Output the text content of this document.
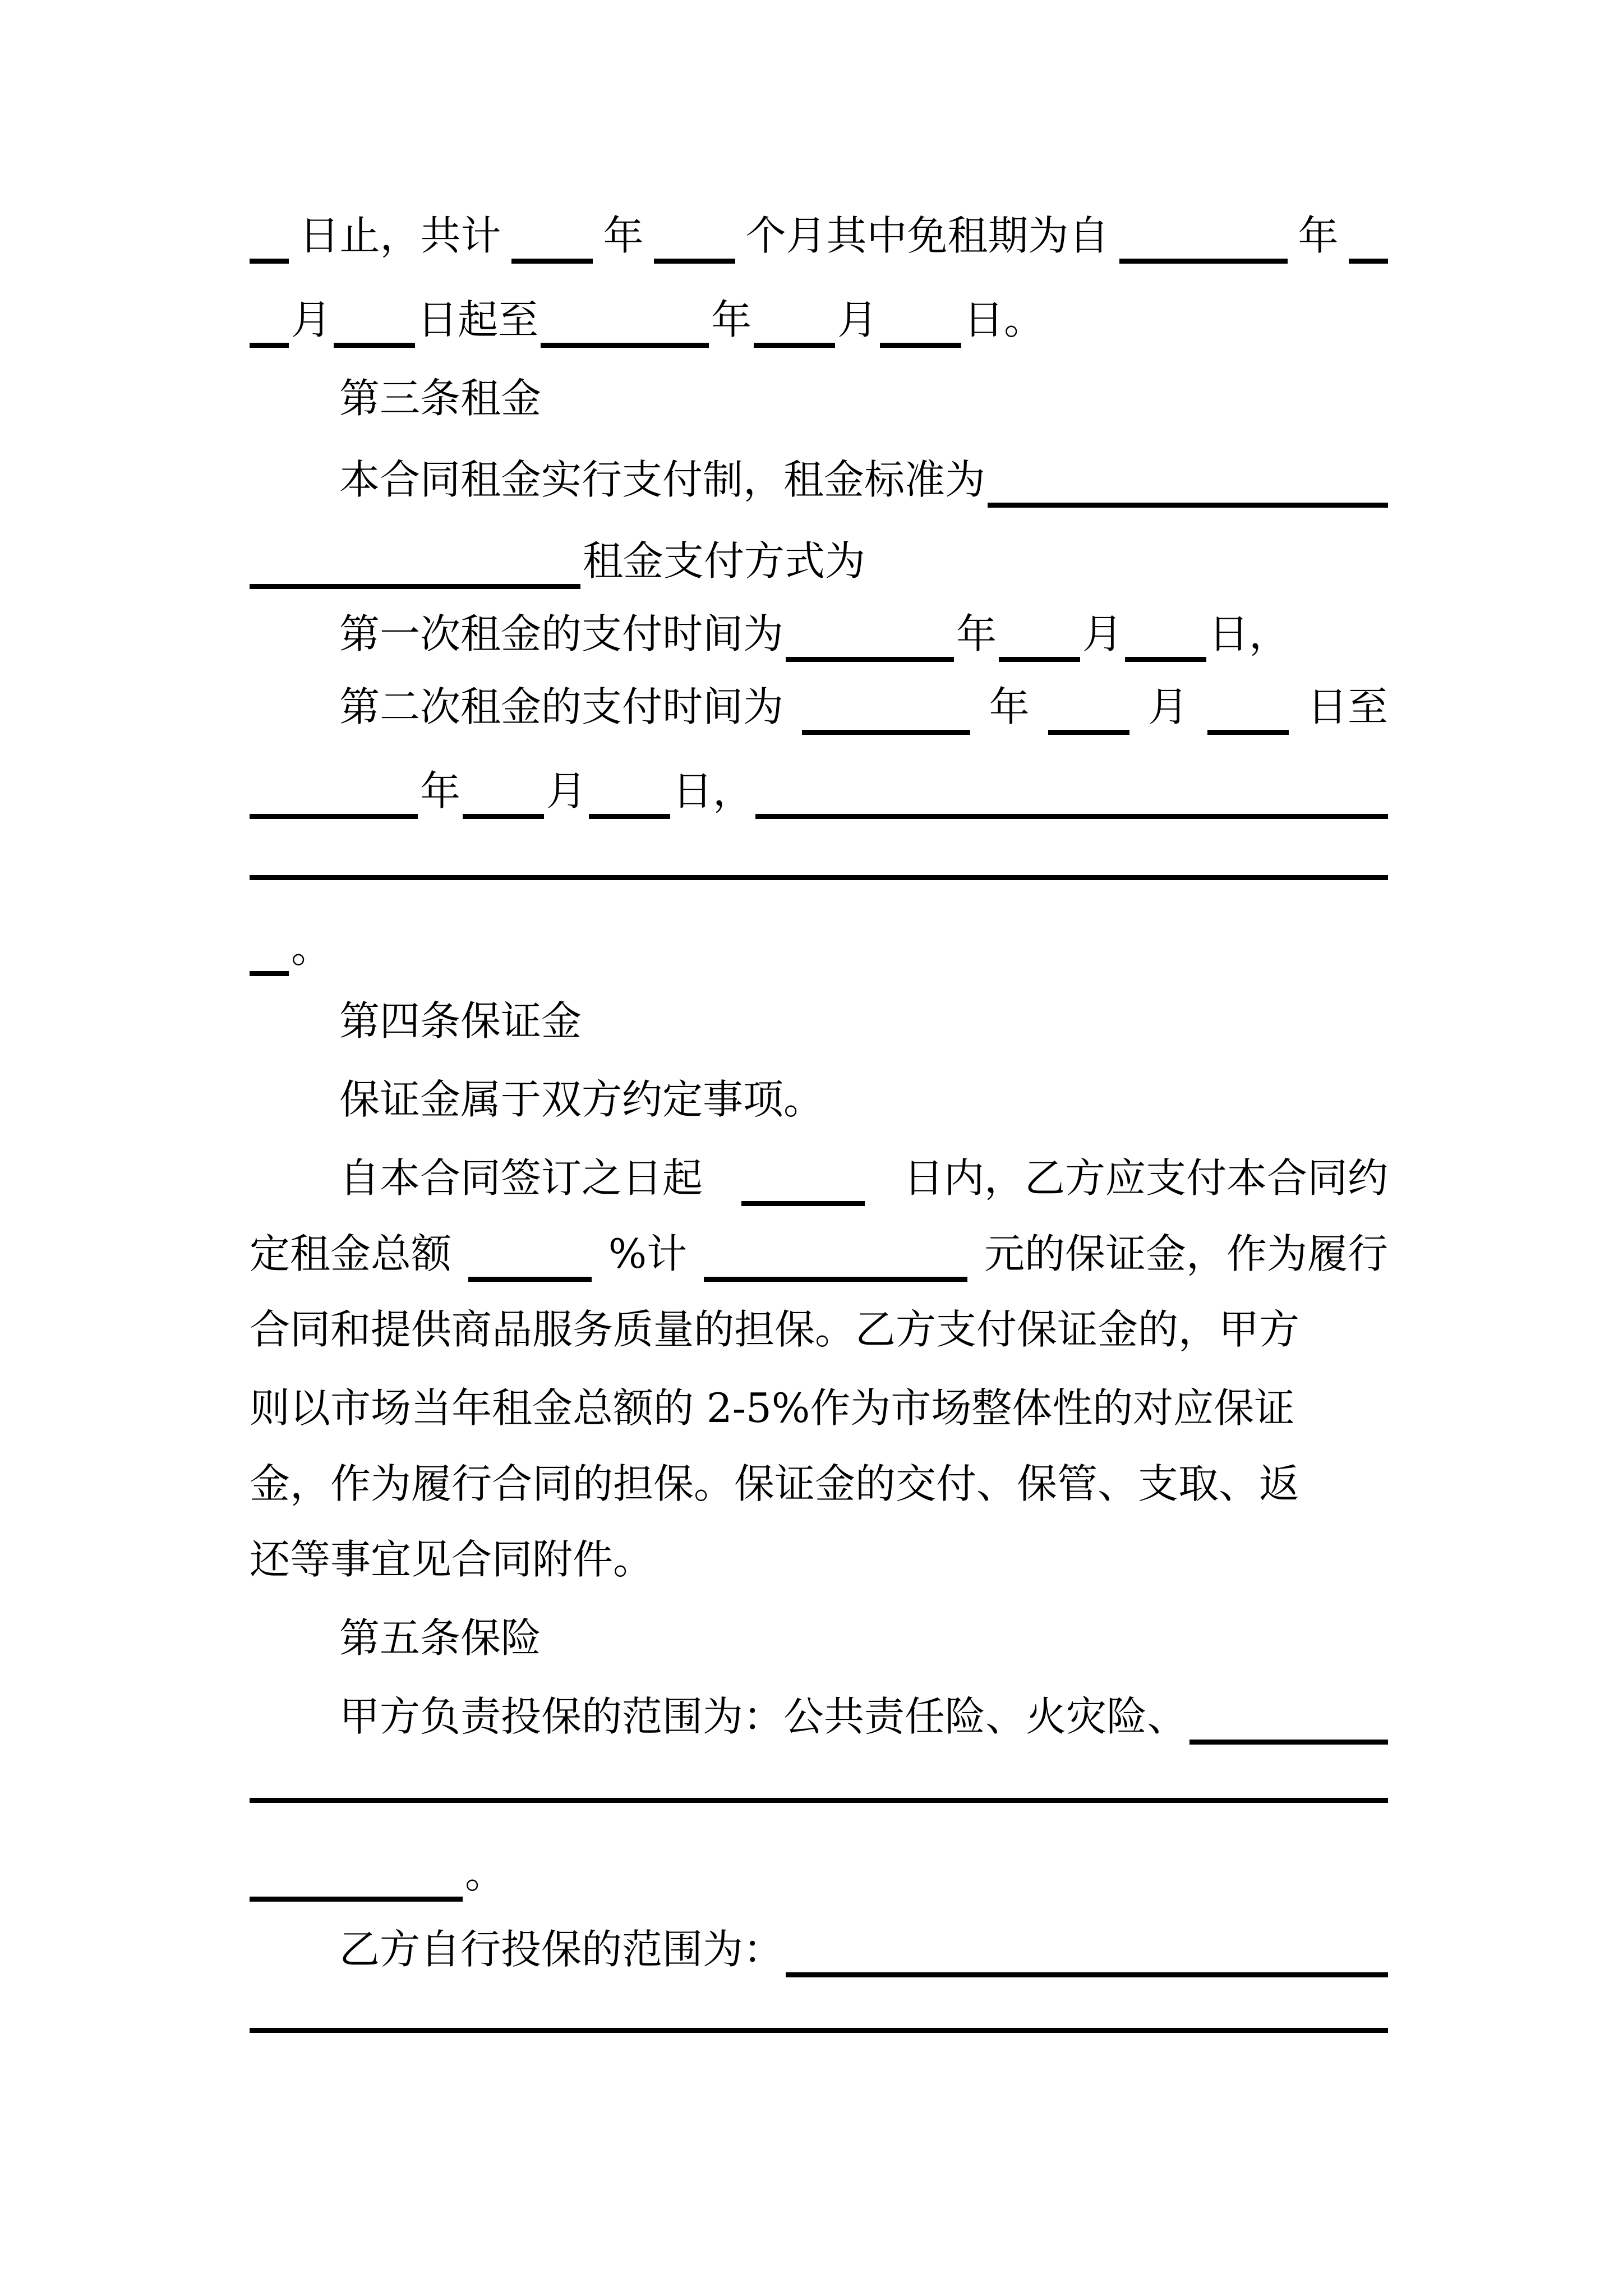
日止，共计	年	个月其中免租期为自	年
月 日起至	年 月 日。
第三条租金
本合同租金实行支付制，租金标准为
租金支付方式为
第一次租金的支付时间为	年 月 日，
第二次租金的支付时间为	年	月	日至
年 月 日，
。
第四条保证金
保证金属于双方约定事项。
自本合同签订之日起	日内，乙方应支付本合同约
定租金总额	%计	元的保证金，作为履行
合同和提供商品服务质量的担保。乙方支付保证金的，甲方
则以市场当年租金总额的 2-5%作为市场整体性的对应保证
金，作为履行合同的担保。保证金的交付、保管、支取、返
还等事宜见合同附件。
第五条保险
甲方负责投保的范围为：公共责任险、火灾险、
。
乙方自行投保的范围为：
